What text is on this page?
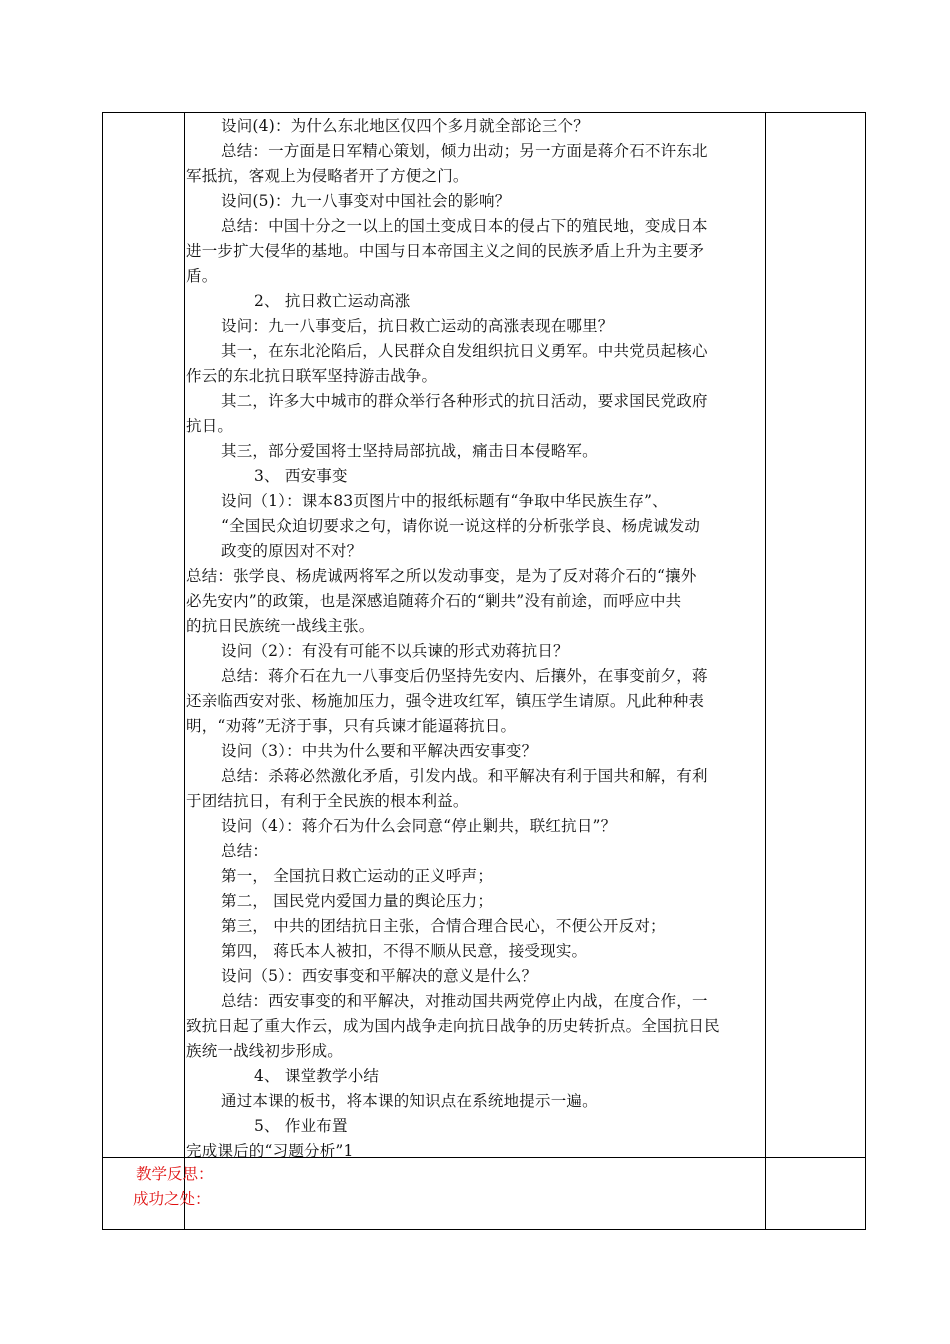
设问(4)：为什么东北地区仅四个多月就全部论三个？
总结：一方面是日军精心策划，倾力出动；另一方面是蒋介石不许东北
军抵抗，客观上为侵略者开了方便之门。
设问(5)：九一八事变对中国社会的影响？
总结：中国十分之一以上的国土变成日本的侵占下的殖民地，变成日本
进一步扩大侵华的基地。中国与日本帝国主义之间的民族矛盾上升为主要矛
盾。
2、 抗日救亡运动高涨
设问：九一八事变后，抗日救亡运动的高涨表现在哪里？
其一，在东北沦陷后，人民群众自发组织抗日义勇军。中共党员起核心
作云的东北抗日联军坚持游击战争。
其二，许多大中城市的群众举行各种形式的抗日活动，要求国民党政府
抗日。
其三，部分爱国将士坚持局部抗战，痛击日本侵略军。
3、 西安事变
设问（1）：课本83页图片中的报纸标题有“争取中华民族生存”、
“全国民众迫切要求之句，请你说一说这样的分析张学良、杨虎诚发动
政变的原因对不对？
总结：张学良、杨虎诚两将军之所以发动事变，是为了反对蒋介石的“攘外
必先安内”的政策，也是深感追随蒋介石的“剿共”没有前途，而呼应中共
的抗日民族统一战线主张。
设问（2）：有没有可能不以兵谏的形式劝蒋抗日？
总结：蒋介石在九一八事变后仍坚持先安内、后攘外，在事变前夕，蒋
还亲临西安对张、杨施加压力，强令进攻红军，镇压学生请原。凡此种种表
明，“劝蒋”无济于事，只有兵谏才能逼蒋抗日。
设问（3）：中共为什么要和平解决西安事变？
总结：杀蒋必然激化矛盾，引发内战。和平解决有利于国共和解，有利
于团结抗日，有利于全民族的根本利益。
设问（4）：蒋介石为什么会同意“停止剿共，联红抗日”？
总结：
第一， 全国抗日救亡运动的正义呼声；
第二， 国民党内爱国力量的舆论压力；
第三， 中共的团结抗日主张，合情合理合民心，不便公开反对；
第四， 蒋氏本人被扣，不得不顺从民意，接受现实。
设问（5）：西安事变和平解决的意义是什么？
总结：西安事变的和平解决，对推动国共两党停止内战，在度合作，一
致抗日起了重大作云，成为国内战争走向抗日战争的历史转折点。全国抗日民
族统一战线初步形成。
4、 课堂教学小结
通过本课的板书，将本课的知识点在系统地提示一遍。
5、 作业布置
完成课后的“习题分析”1
教学反思：
成功之处：
